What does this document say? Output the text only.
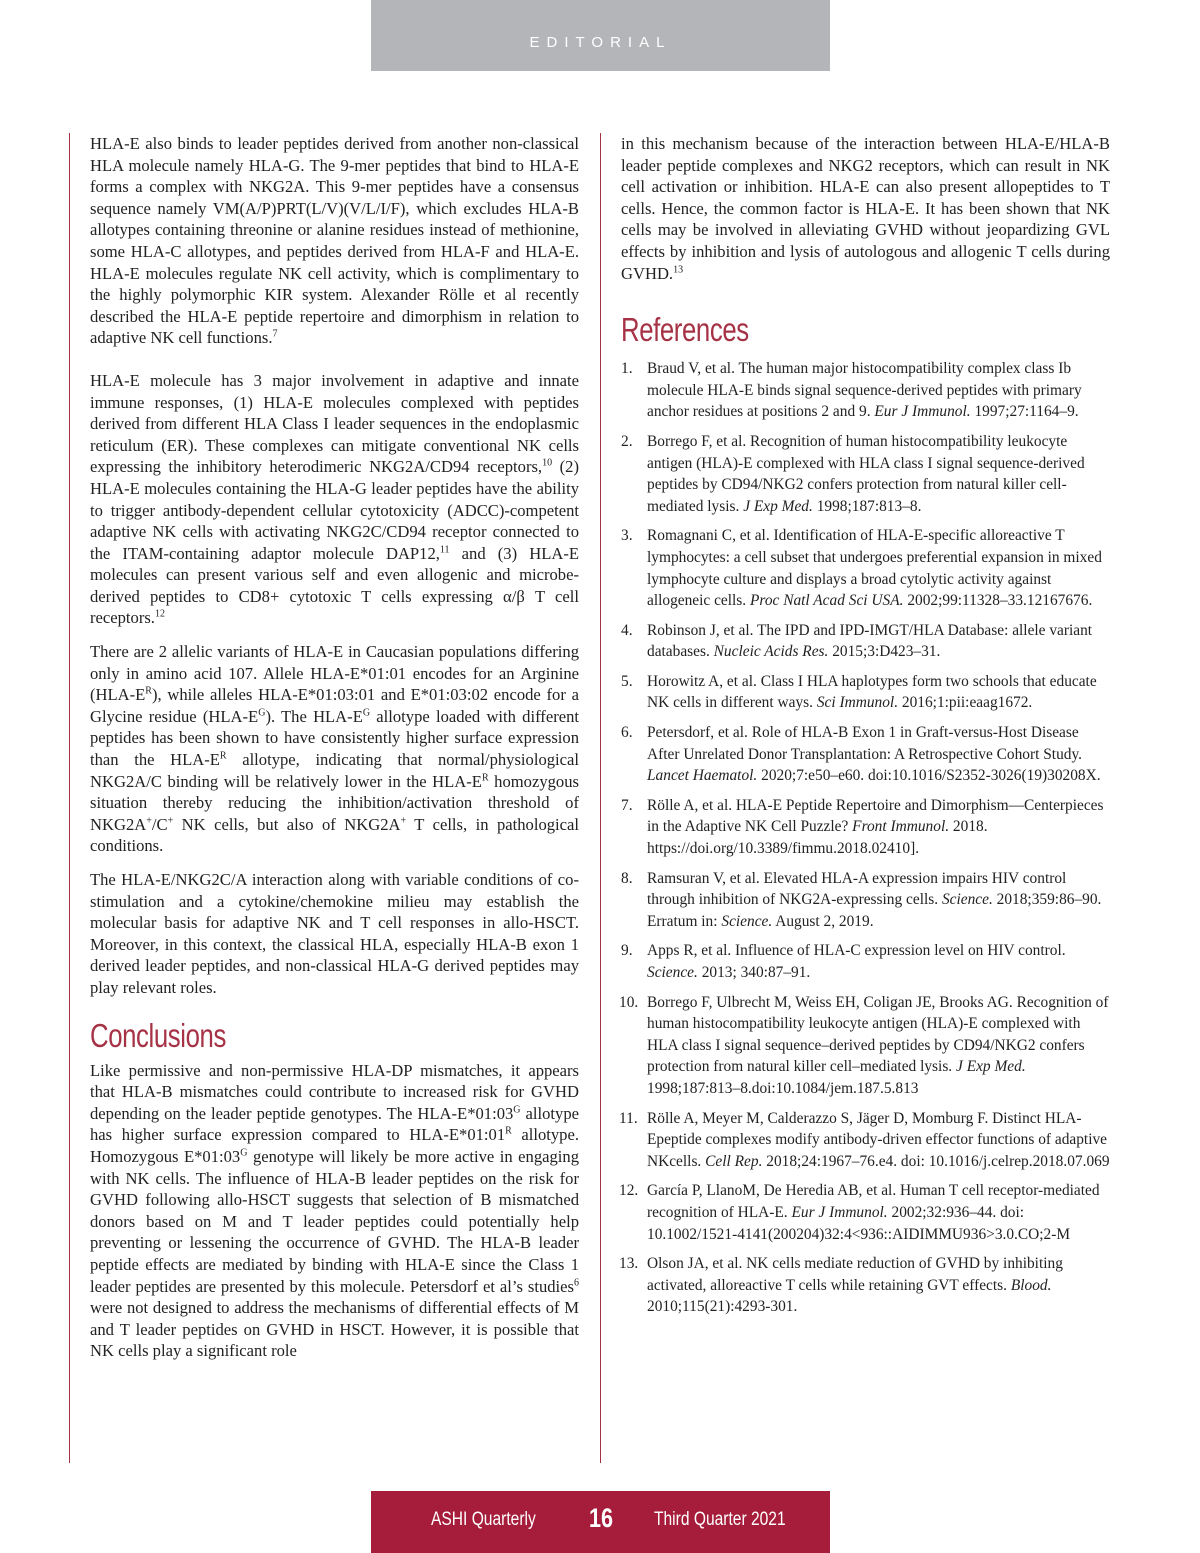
EDITORIAL

HLA-E also binds to leader peptides derived from another non-classical HLA molecule namely HLA-G. The 9-mer peptides that bind to HLA-E forms a complex with NKG2A. This 9-mer peptides have a consensus sequence namely VM(A/P)PRT(L/V)(V/L/I/F), which excludes HLA-B allotypes containing threonine or alanine residues instead of methionine, some HLA-C allotypes, and peptides derived from HLA-F and HLA-E. HLA-E molecules regulate NK cell activity, which is complimentary to the highly polymorphic KIR system. Alexander Rölle et al recently described the HLA-E peptide repertoire and dimorphism in relation to adaptive NK cell functions.$^7$

HLA-E molecule has 3 major involvement in adaptive and innate immune responses, (1) HLA-E molecules complexed with peptides derived from different HLA Class I leader sequences in the endoplasmic reticulum (ER). These complexes can mitigate conventional NK cells expressing the inhibitory heterodimeric NKG2A/CD94 receptors,$^{10}$ (2) HLA-E molecules containing the HLA-G leader peptides have the ability to trigger antibody-dependent cellular cytotoxicity (ADCC)-competent adaptive NK cells with activating NKG2C/CD94 receptor connected to the ITAM-containing adaptor molecule DAP12,11 and (3) HLA-E molecules can present various self and even allogenic and microbe-derived peptides to CD8+ cytotoxic T cells expressing α/β T cell receptors.$^{12}$

There are 2 allelic variants of HLA-E in Caucasian populations differing only in amino acid 107. Allele HLA-E*01:01 encodes for an Arginine $(HLA-E^R)$, while alleles HLA-E*01:03:01 and E*01:03:02 encode for a Glycine residue $(HLA-E^G)$. The HLA-$E^G$ allotype loaded with different peptides has been shown to have consistently higher surface expression than the HLA-$E^R$ allotype, indicating that normal/physiological NKG2A/C binding will be relatively lower in the HLA-$E^R$ homozygous situation thereby reducing the inhibition/activation threshold of NKG2A+/C+ NK cells, but also of NKG2A+ T cells, in pathological conditions.

The HLA-E/NKG2C/A interaction along with variable conditions of co-stimulation and a cytokine/chemokine milieu may establish the molecular basis for adaptive NK and T cell responses in allo-HSCT. Moreover, in this context, the classical HLA, especially HLA-B exon 1 derived leader peptides, and non-classical HLA-G derived peptides may play relevant roles.

Conclusions

Like permissive and non-permissive HLA-DP mismatches, it appears that HLA-B mismatches could contribute to increased risk for GVHD depending on the leader peptide genotypes. The HLA-$E*01:03^G$ allotype has higher surface expression compared to HLA-$E*01:01^R$ allotype. Homozygous $E*01:03^G$ genotype will likely be more active in engaging with NK cells. The influence of HLA-B leader peptides on the risk for GVHD following allo-HSCT suggests that selection of B mismatched donors based on M and T leader peptides could potentially help preventing or lessening the occurrence of GVHD. The HLA-B leader peptide effects are mediated by binding with HLA-E since the Class 1 leader peptides are presented by this molecule. Petersdorf et al’s studies$^6$ were not designed to address the mechanisms of differential effects of M and T leader peptides on GVHD in HSCT. However, it is possible that NK cells play a significant role

in this mechanism because of the interaction between HLA-E/HLA-B leader peptide complexes and NKG2 receptors, which can result in NK cell activation or inhibition. HLA-E can also present allopeptides to T cells. Hence, the common factor is HLA-E. It has been shown that NK cells may be involved in alleviating GVHD without jeopardizing GVL effects by inhibition and lysis of autologous and allogenic T cells during GVHD.$^{13}$

References
1. Braud V, et al. The human major histocompatibility complex class Ib molecule HLA-E binds signal sequence-derived peptides with primary anchor residues at positions 2 and 9. Eur J Immunol. 1997;27:1164–9.
2. Borrego F, et al. Recognition of human histocompatibility leukocyte antigen (HLA)-E complexed with HLA class I signal sequence-derived peptides by CD94/NKG2 confers protection from natural killer cell-mediated lysis. J Exp Med. 1998;187:813–8.
3. Romagnani C, et al. Identification of HLA-E-specific alloreactive T lymphocytes: a cell subset that undergoes preferential expansion in mixed lymphocyte culture and displays a broad cytolytic activity against allogeneic cells. Proc Natl Acad Sci USA. 2002;99:11328–33.12167676.
4. Robinson J, et al. The IPD and IPD-IMGT/HLA Database: allele variant databases. Nucleic Acids Res. 2015;3:D423–31.
5. Horowitz A, et al. Class I HLA haplotypes form two schools that educate NK cells in different ways. Sci Immunol. 2016;1:pii:eaag1672.
6. Petersdorf, et al. Role of HLA-B Exon 1 in Graft-versus-Host Disease After Unrelated Donor Transplantation: A Retrospective Cohort Study. Lancet Haematol. 2020;7:e50–e60. doi:10.1016/S2352-3026(19)30208X.
7. Rölle A, et al. HLA-E Peptide Repertoire and Dimorphism—Centerpieces in the Adaptive NK Cell Puzzle? Front Immunol. 2018. https://doi.org/10.3389/fimmu.2018.02410].
8. Ramsuran V, et al. Elevated HLA-A expression impairs HIV control through inhibition of NKG2A-expressing cells. Science. 2018;359:86–90. Erratum in: Science. August 2, 2019.
9. Apps R, et al. Influence of HLA-C expression level on HIV control. Science. 2013; 340:87–91.
10. Borrego F, Ulbrecht M, Weiss EH, Coligan JE, Brooks AG. Recognition of human histocompatibility leukocyte antigen (HLA)-E complexed with HLA class I signal sequence–derived peptides by CD94/NKG2 confers protection from natural killer cell–mediated lysis. J Exp Med. 1998;187:813–8.doi:10.1084/jem.187.5.813
11. Rölle A, Meyer M, Calderazzo S, Jäger D, Momburg F. Distinct HLA-Epeptide complexes modify antibody-driven effector functions of adaptive NKcells. Cell Rep. 2018;24:1967–76.e4. doi: 10.1016/j.celrep.2018.07.069
12. García P, LlanoM, De Heredia AB, et al. Human T cell receptor-mediated recognition of HLA-E. Eur J Immunol. 2002;32:936–44. doi: 10.1002/1521-4141(200204)32:4<936::AIDIMMU936>3.0.CO;2-M
13. Olson JA, et al. NK cells mediate reduction of GVHD by inhibiting activated, alloreactive T cells while retaining GVT effects. Blood. 2010;115(21):4293-301.
ASHI Quarterly 16 Third Quarter 2021
